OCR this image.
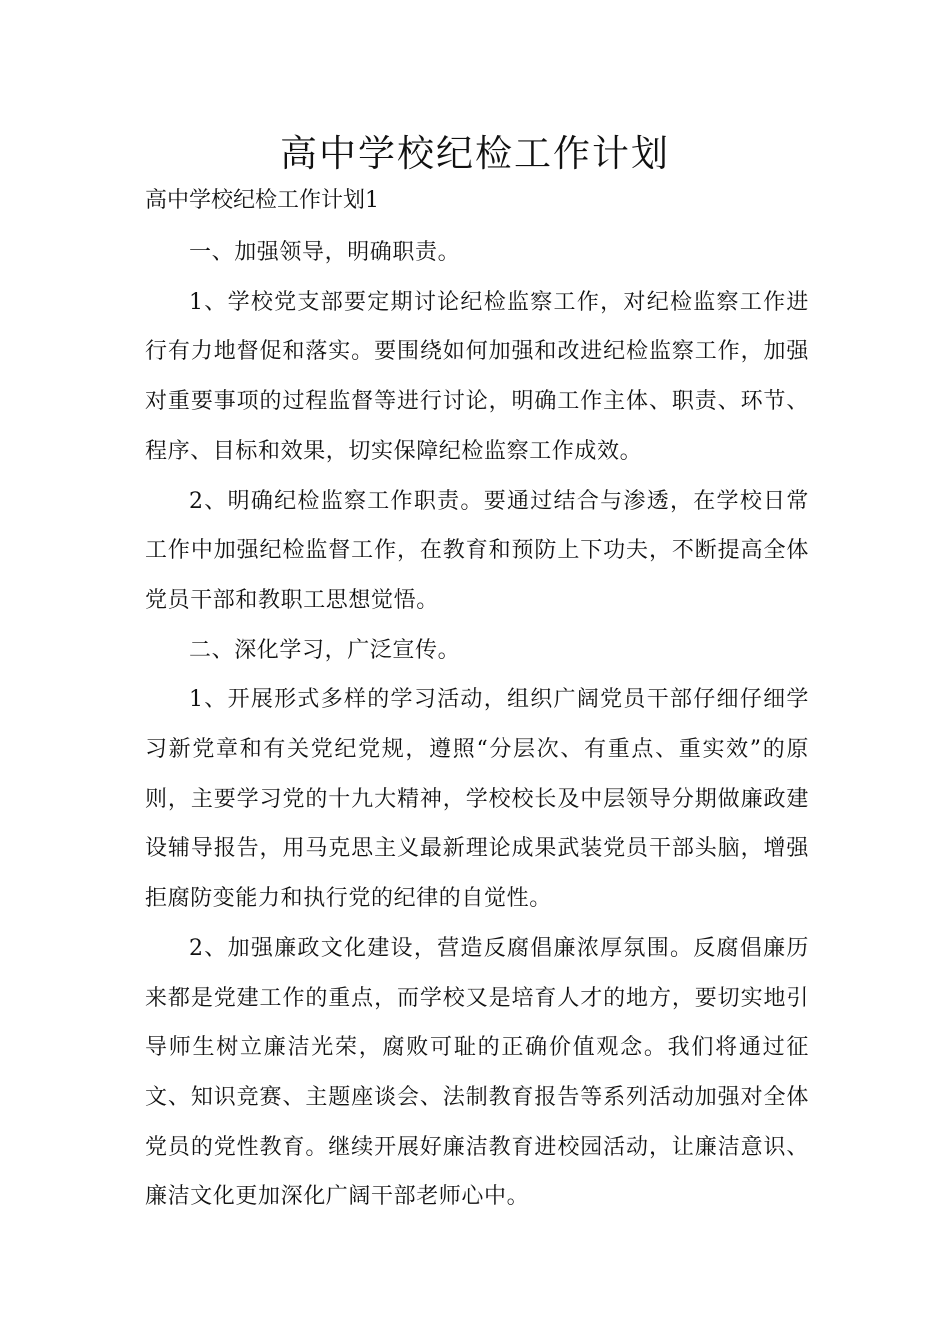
高中学校纪检工作计划

高中学校纪检工作计划1

一、加强领导，明确职责。

1、学校党支部要定期讨论纪检监察工作，对纪检监察工作进行有力地督促和落实。要围绕如何加强和改进纪检监察工作，加强对重要事项的过程监督等进行讨论，明确工作主体、职责、环节、程序、目标和效果，切实保障纪检监察工作成效。

2、明确纪检监察工作职责。要通过结合与渗透，在学校日常工作中加强纪检监督工作，在教育和预防上下功夫，不断提高全体党员干部和教职工思想觉悟。

二、深化学习，广泛宣传。

1、开展形式多样的学习活动，组织广阔党员干部仔细仔细学习新党章和有关党纪党规，遵照“分层次、有重点、重实效”的原则，主要学习党的十九大精神，学校校长及中层领导分期做廉政建设辅导报告，用马克思主义最新理论成果武装党员干部头脑，增强拒腐防变能力和执行党的纪律的自觉性。

2、加强廉政文化建设，营造反腐倡廉浓厚氛围。反腐倡廉历来都是党建工作的重点，而学校又是培育人才的地方，要切实地引导师生树立廉洁光荣，腐败可耻的正确价值观念。我们将通过征文、知识竞赛、主题座谈会、法制教育报告等系列活动加强对全体党员的党性教育。继续开展好廉洁教育进校园活动，让廉洁意识、廉洁文化更加深化广阔干部老师心中。
